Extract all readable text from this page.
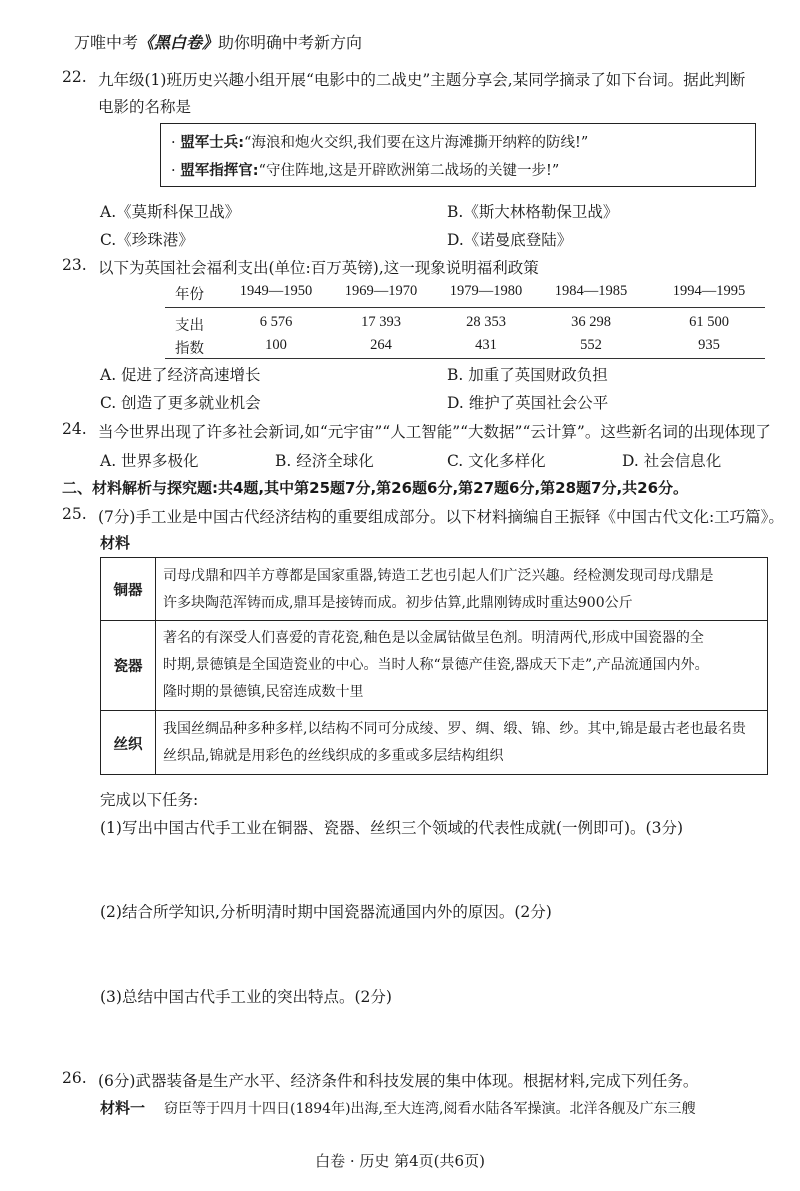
万唯中考《黑白卷》助你明确中考新方向
22. 九年级(1)班历史兴趣小组开展“电影中的二战史”主题分享会,某同学摘录了如下台词。据此判断
电影的名称是
· 盟军士兵:“海浪和炮火交织,我们要在这片海滩撕开纳粹的防线!”
· 盟军指挥官:“守住阵地,这是开辟欧洲第二战场的关键一步!”
A.《莫斯科保卫战》	B.《斯大林格勒保卫战》
C.《珍珠港》	D.《诺曼底登陆》
23. 以下为英国社会福利支出(单位:百万英镑),这一现象说明福利政策
年份	1949—1950	1969—1970	1979—1980	1984—1985	1994—1995
支出	6 576	17 393	28 353	36 298	61 500
指数	100	264	431	552	935
A. 促进了经济高速增长	B. 加重了英国财政负担
C. 创造了更多就业机会	D. 维护了英国社会公平
24. 当今世界出现了许多社会新词,如“元宇宙”“人工智能”“大数据”“云计算”。这些新名词的出现体现了
A. 世界多极化	B. 经济全球化	C. 文化多样化	D. 社会信息化
二、材料解析与探究题:共4题,其中第25题7分,第26题6分,第27题6分,第28题7分,共26分。
25. (7分)手工业是中国古代经济结构的重要组成部分。以下材料摘编自王振铎《中国古代文化:工巧篇》。
材料
铜器
司母戊鼎和四羊方尊都是国家重器,铸造工艺也引起人们广泛兴趣。经检测发现司母戊鼎是
许多块陶范浑铸而成,鼎耳是接铸而成。初步估算,此鼎刚铸成时重达900公斤
瓷器
著名的有深受人们喜爱的青花瓷,釉色是以金属钴做呈色剂。明清两代,形成中国瓷器的全
时期,景德镇是全国造瓷业的中心。当时人称“景德产佳瓷,器成天下走”,产品流通国内外。
隆时期的景德镇,民窑连成数十里
丝织
我国丝绸品种多种多样,以结构不同可分成绫、罗、绸、缎、锦、纱。其中,锦是最古老也最名贵
丝织品,锦就是用彩色的丝线织成的多重或多层结构组织
完成以下任务:
(1)写出中国古代手工业在铜器、瓷器、丝织三个领域的代表性成就(一例即可)。(3分)
(2)结合所学知识,分析明清时期中国瓷器流通国内外的原因。(2分)
(3)总结中国古代手工业的突出特点。(2分)
26. (6分)武器装备是生产水平、经济条件和科技发展的集中体现。根据材料,完成下列任务。
材料一 窃臣等于四月十四日(1894年)出海,至大连湾,阅看水陆各军操演。北洋各舰及广东三艘
白卷 · 历史 第4页(共6页)
